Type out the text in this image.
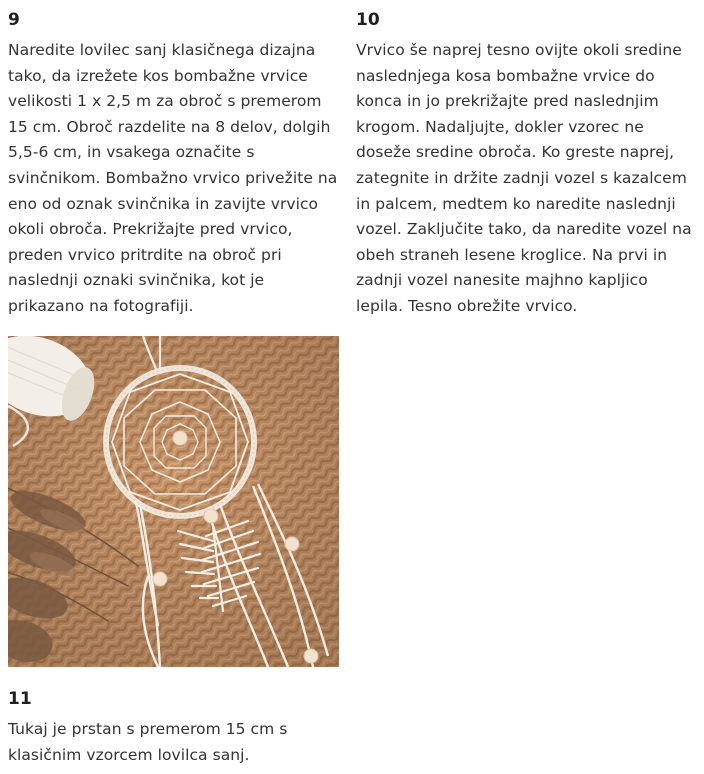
9

Naredite lovilec sanj klasičnega dizajna tako, da izrežete kos bombažne vrvice velikosti 1 x 2,5 m za obroč s premerom 15 cm. Obroč razdelite na 8 delov, dolgih 5,5-6 cm, in vsakega označite s svinčnikom. Bombažno vrvico privežite na eno od oznak svinčnika in zavijte vrvico okoli obroča. Prekrižajte pred vrvico, preden vrvico pritrdite na obroč pri naslednji oznaki svinčnika, kot je prikazano na fotografiji.

10

Vrvico še naprej tesno ovijte okoli sredine naslednjega kosa bombažne vrvice do konca in jo prekrižajte pred naslednjim krogom. Nadaljujte, dokler vzorec ne doseže sredine obroča. Ko greste naprej, zategnite in držite zadnji vozel s kazalcem in palcem, medtem ko naredite naslednji vozel. Zaključite tako, da naredite vozel na obeh straneh lesene kroglice. Na prvi in zadnji vozel nanesite majhno kapljico lepila. Tesno obrežite vrvico.

11

Tukaj je prstan s premerom 15 cm s klasičnim vzorcem lovilca sanj.
